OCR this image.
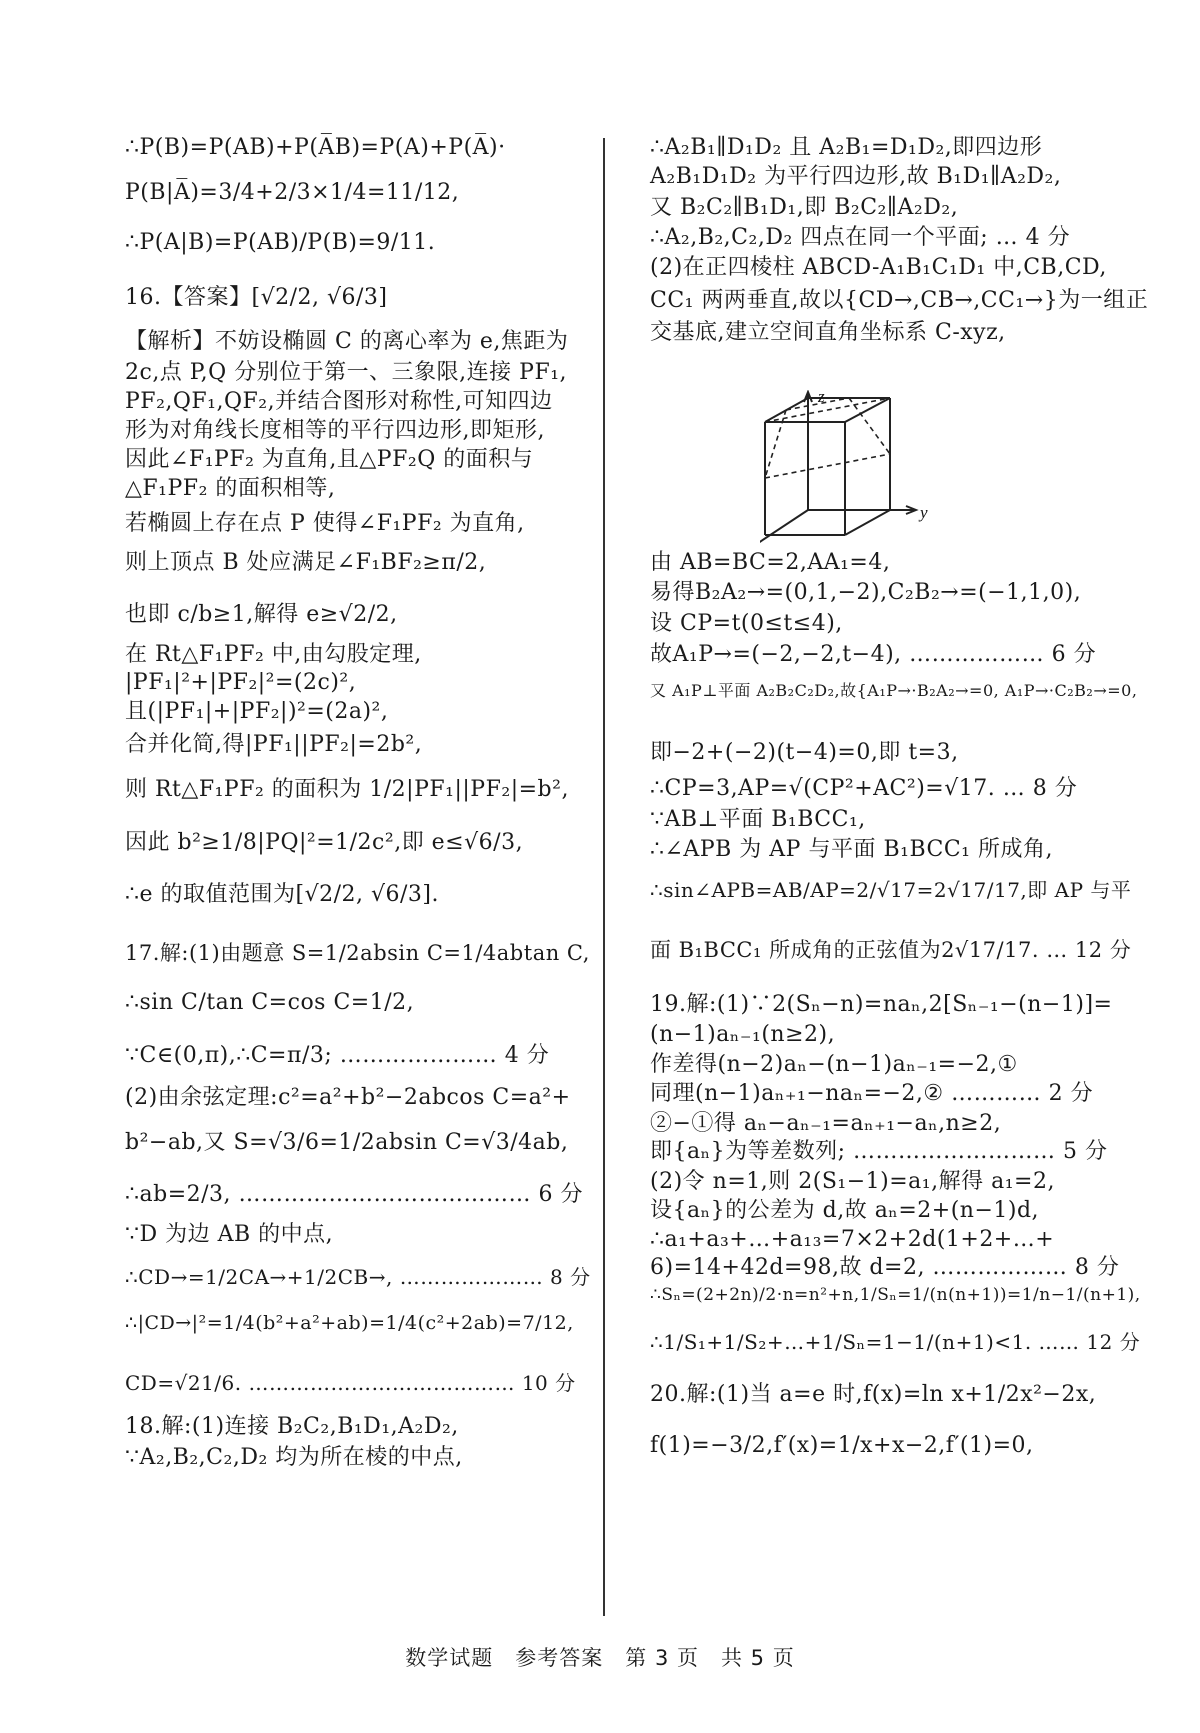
∴P(B)=P(AB)+P(A̅B)=P(A)+P(A̅)·
P(B|A̅)=3/4+2/3×1/4=11/12,
∴P(A|B)=P(AB)/P(B)=9/11.
16.【答案】[√2/2, √6/3]
【解析】不妨设椭圆 C 的离心率为 e,焦距为
2c,点 P,Q 分别位于第一、三象限,连接 PF₁,
PF₂,QF₁,QF₂,并结合图形对称性,可知四边
形为对角线长度相等的平行四边形,即矩形,
因此∠F₁PF₂ 为直角,且△PF₂Q 的面积与
△F₁PF₂ 的面积相等,
若椭圆上存在点 P 使得∠F₁PF₂ 为直角,
则上顶点 B 处应满足∠F₁BF₂≥π/2,
也即 c/b≥1,解得 e≥√2/2,
在 Rt△F₁PF₂ 中,由勾股定理,
|PF₁|²+|PF₂|²=(2c)²,
且(|PF₁|+|PF₂|)²=(2a)²,
合并化简,得|PF₁||PF₂|=2b²,
则 Rt△F₁PF₂ 的面积为 1/2|PF₁||PF₂|=b²,
因此 b²≥1/8|PQ|²=1/2c²,即 e≤√6/3,
∴e 的取值范围为[√2/2, √6/3].
17.解:(1)由题意 S=1/2absin C=1/4abtan C,
∴sin C/tan C=cos C=1/2,
∵C∈(0,π),∴C=π/3; ………………… 4 分
(2)由余弦定理:c²=a²+b²−2abcos C=a²+
b²−ab,又 S=√3/6=1/2absin C=√3/4ab,
∴ab=2/3, ………………………………… 6 分
∵D 为边 AB 的中点,
∴CD→=1/2CA→+1/2CB→, ………………… 8 分
∴|CD→|²=1/4(b²+a²+ab)=1/4(c²+2ab)=7/12,
CD=√21/6. ………………………………… 10 分
18.解:(1)连接 B₂C₂,B₁D₁,A₂D₂,
∵A₂,B₂,C₂,D₂ 均为所在棱的中点,
∴A₂B₁∥D₁D₂ 且 A₂B₁=D₁D₂,即四边形
A₂B₁D₁D₂ 为平行四边形,故 B₁D₁∥A₂D₂,
又 B₂C₂∥B₁D₁,即 B₂C₂∥A₂D₂,
∴A₂,B₂,C₂,D₂ 四点在同一个平面; … 4 分
(2)在正四棱柱 ABCD-A₁B₁C₁D₁ 中,CB,CD,
CC₁ 两两垂直,故以{CD→,CB→,CC₁→}为一组正
交基底,建立空间直角坐标系 C-xyz,
由 AB=BC=2,AA₁=4,
易得B₂A₂→=(0,1,−2),C₂B₂→=(−1,1,0),
设 CP=t(0≤t≤4),
故A₁P→=(−2,−2,t−4), ……………… 6 分
又 A₁P⊥平面 A₂B₂C₂D₂,故{A₁P→·B₂A₂→=0, A₁P→·C₂B₂→=0,
即−2+(−2)(t−4)=0,即 t=3,
∴CP=3,AP=√(CP²+AC²)=√17. … 8 分
∵AB⊥平面 B₁BCC₁,
∴∠APB 为 AP 与平面 B₁BCC₁ 所成角,
∴sin∠APB=AB/AP=2/√17=2√17/17,即 AP 与平
面 B₁BCC₁ 所成角的正弦值为2√17/17. … 12 分
19.解:(1)∵2(Sₙ−n)=naₙ,2[Sₙ₋₁−(n−1)]=
(n−1)aₙ₋₁(n≥2),
作差得(n−2)aₙ−(n−1)aₙ₋₁=−2,①
同理(n−1)aₙ₊₁−naₙ=−2,② ………… 2 分
②−①得 aₙ−aₙ₋₁=aₙ₊₁−aₙ,n≥2,
即{aₙ}为等差数列; ……………………… 5 分
(2)令 n=1,则 2(S₁−1)=a₁,解得 a₁=2,
设{aₙ}的公差为 d,故 aₙ=2+(n−1)d,
∴a₁+a₃+…+a₁₃=7×2+2d(1+2+…+
6)=14+42d=98,故 d=2, ……………… 8 分
∴Sₙ=(2+2n)/2·n=n²+n,1/Sₙ=1/(n(n+1))=1/n−1/(n+1),
∴1/S₁+1/S₂+…+1/Sₙ=1−1/(n+1)<1. …… 12 分
20.解:(1)当 a=e 时,f(x)=ln x+1/2x²−2x,
f(1)=−3/2,f′(x)=1/x+x−2,f′(1)=0,
z
y
数学试题　参考答案　第 3 页　共 5 页
